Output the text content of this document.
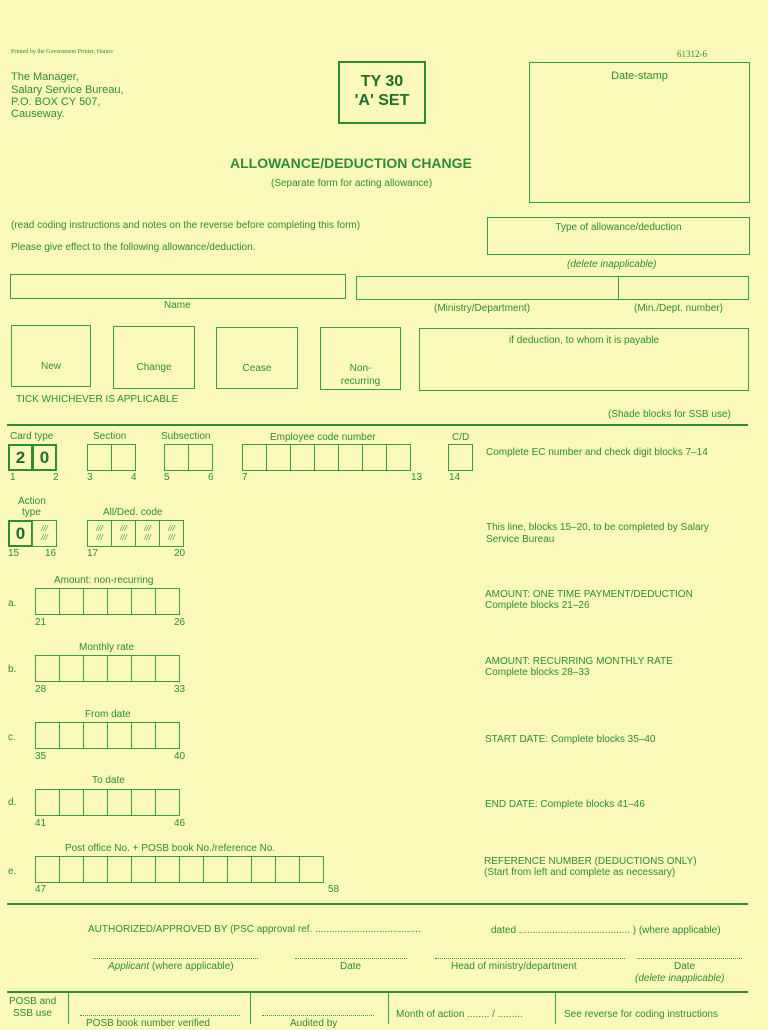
Printed by the Government Printer, Harare	61312-6
The Manager,
Salary Service Bureau,
P.O. BOX CY 507,
Causeway.
TY 30
'A' SET
Date-stamp
ALLOWANCE/DEDUCTION CHANGE
(Separate form for acting allowance)
(read coding instructions and notes on the reverse before completing this form)
Please give effect to the following allowance/deduction.
Type of allowance/deduction
(delete inapplicable)
Name	(Ministry/Department)	(Min./Dept. number)
New	Change	Cease	Non-
recurring
if deduction, to whom it is payable
TICK WHICHEVER IS APPLICABLE
(Shade blocks for SSB use)
Card type	Section	Subsection	Employee code number	C/D
2 0	Complete EC number and check digit blocks 7–14
1	2	3	4	5	6	7	13	14
Action
type	All/Ded. code
0	///
///
///
///
///
///
///
///
///
///
This line, blocks 15–20, to be completed by Salary
Service Bureau
15	16	17	20
Amount: non-recurring
a.
21	26
AMOUNT: ONE TIME PAYMENT/DEDUCTION
Complete blocks 21–26
Monthly rate
b.
28	33
AMOUNT: RECURRING MONTHLY RATE
Complete blocks 28–33
From date
c.
35	40
START DATE: Complete blocks 35–40
To date
d.
41	46
END DATE: Complete blocks 41–46
Post office No. + POSB book No./reference No.
e.
47	58
REFERENCE NUMBER (DEDUCTIONS ONLY)
(Start from left and complete as necessary)
AUTHORIZED/APPROVED BY (PSC approval ref. ......................................	dated ........................................ ) (where applicable)
Applicant (where applicable)	Date	Head of ministry/department	Date
(delete inapplicable)
POSB and
SSB use
POSB book number verified	Audited by
Month of action ........ / .........	See reverse for coding instructions
